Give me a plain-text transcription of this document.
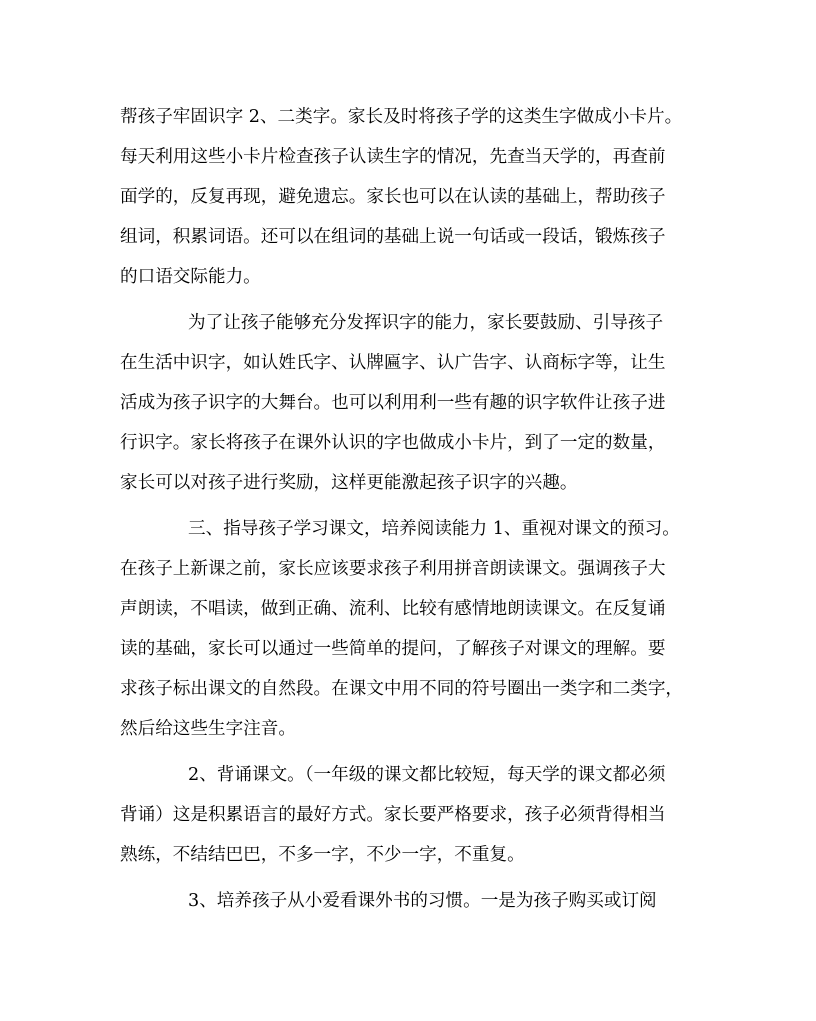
帮孩子牢固识字 2、二类字。家长及时将孩子学的这类生字做成小卡片。
每天利用这些小卡片检查孩子认读生字的情况，先查当天学的，再查前
面学的，反复再现，避免遗忘。家长也可以在认读的基础上，帮助孩子
组词，积累词语。还可以在组词的基础上说一句话或一段话，锻炼孩子
的口语交际能力。
为了让孩子能够充分发挥识字的能力，家长要鼓励、引导孩子
在生活中识字，如认姓氏字、认牌匾字、认广告字、认商标字等，让生
活成为孩子识字的大舞台。也可以利用利一些有趣的识字软件让孩子进
行识字。家长将孩子在课外认识的字也做成小卡片，到了一定的数量，
家长可以对孩子进行奖励，这样更能激起孩子识字的兴趣。
三、指导孩子学习课文，培养阅读能力 1、重视对课文的预习。
在孩子上新课之前，家长应该要求孩子利用拼音朗读课文。强调孩子大
声朗读，不唱读，做到正确、流利、比较有感情地朗读课文。在反复诵
读的基础，家长可以通过一些简单的提问，了解孩子对课文的理解。要
求孩子标出课文的自然段。在课文中用不同的符号圈出一类字和二类字，
然后给这些生字注音。
2、背诵课文。（一年级的课文都比较短，每天学的课文都必须
背诵）这是积累语言的最好方式。家长要严格要求，孩子必须背得相当
熟练，不结结巴巴，不多一字，不少一字，不重复。
3、培养孩子从小爱看课外书的习惯。一是为孩子购买或订阅
